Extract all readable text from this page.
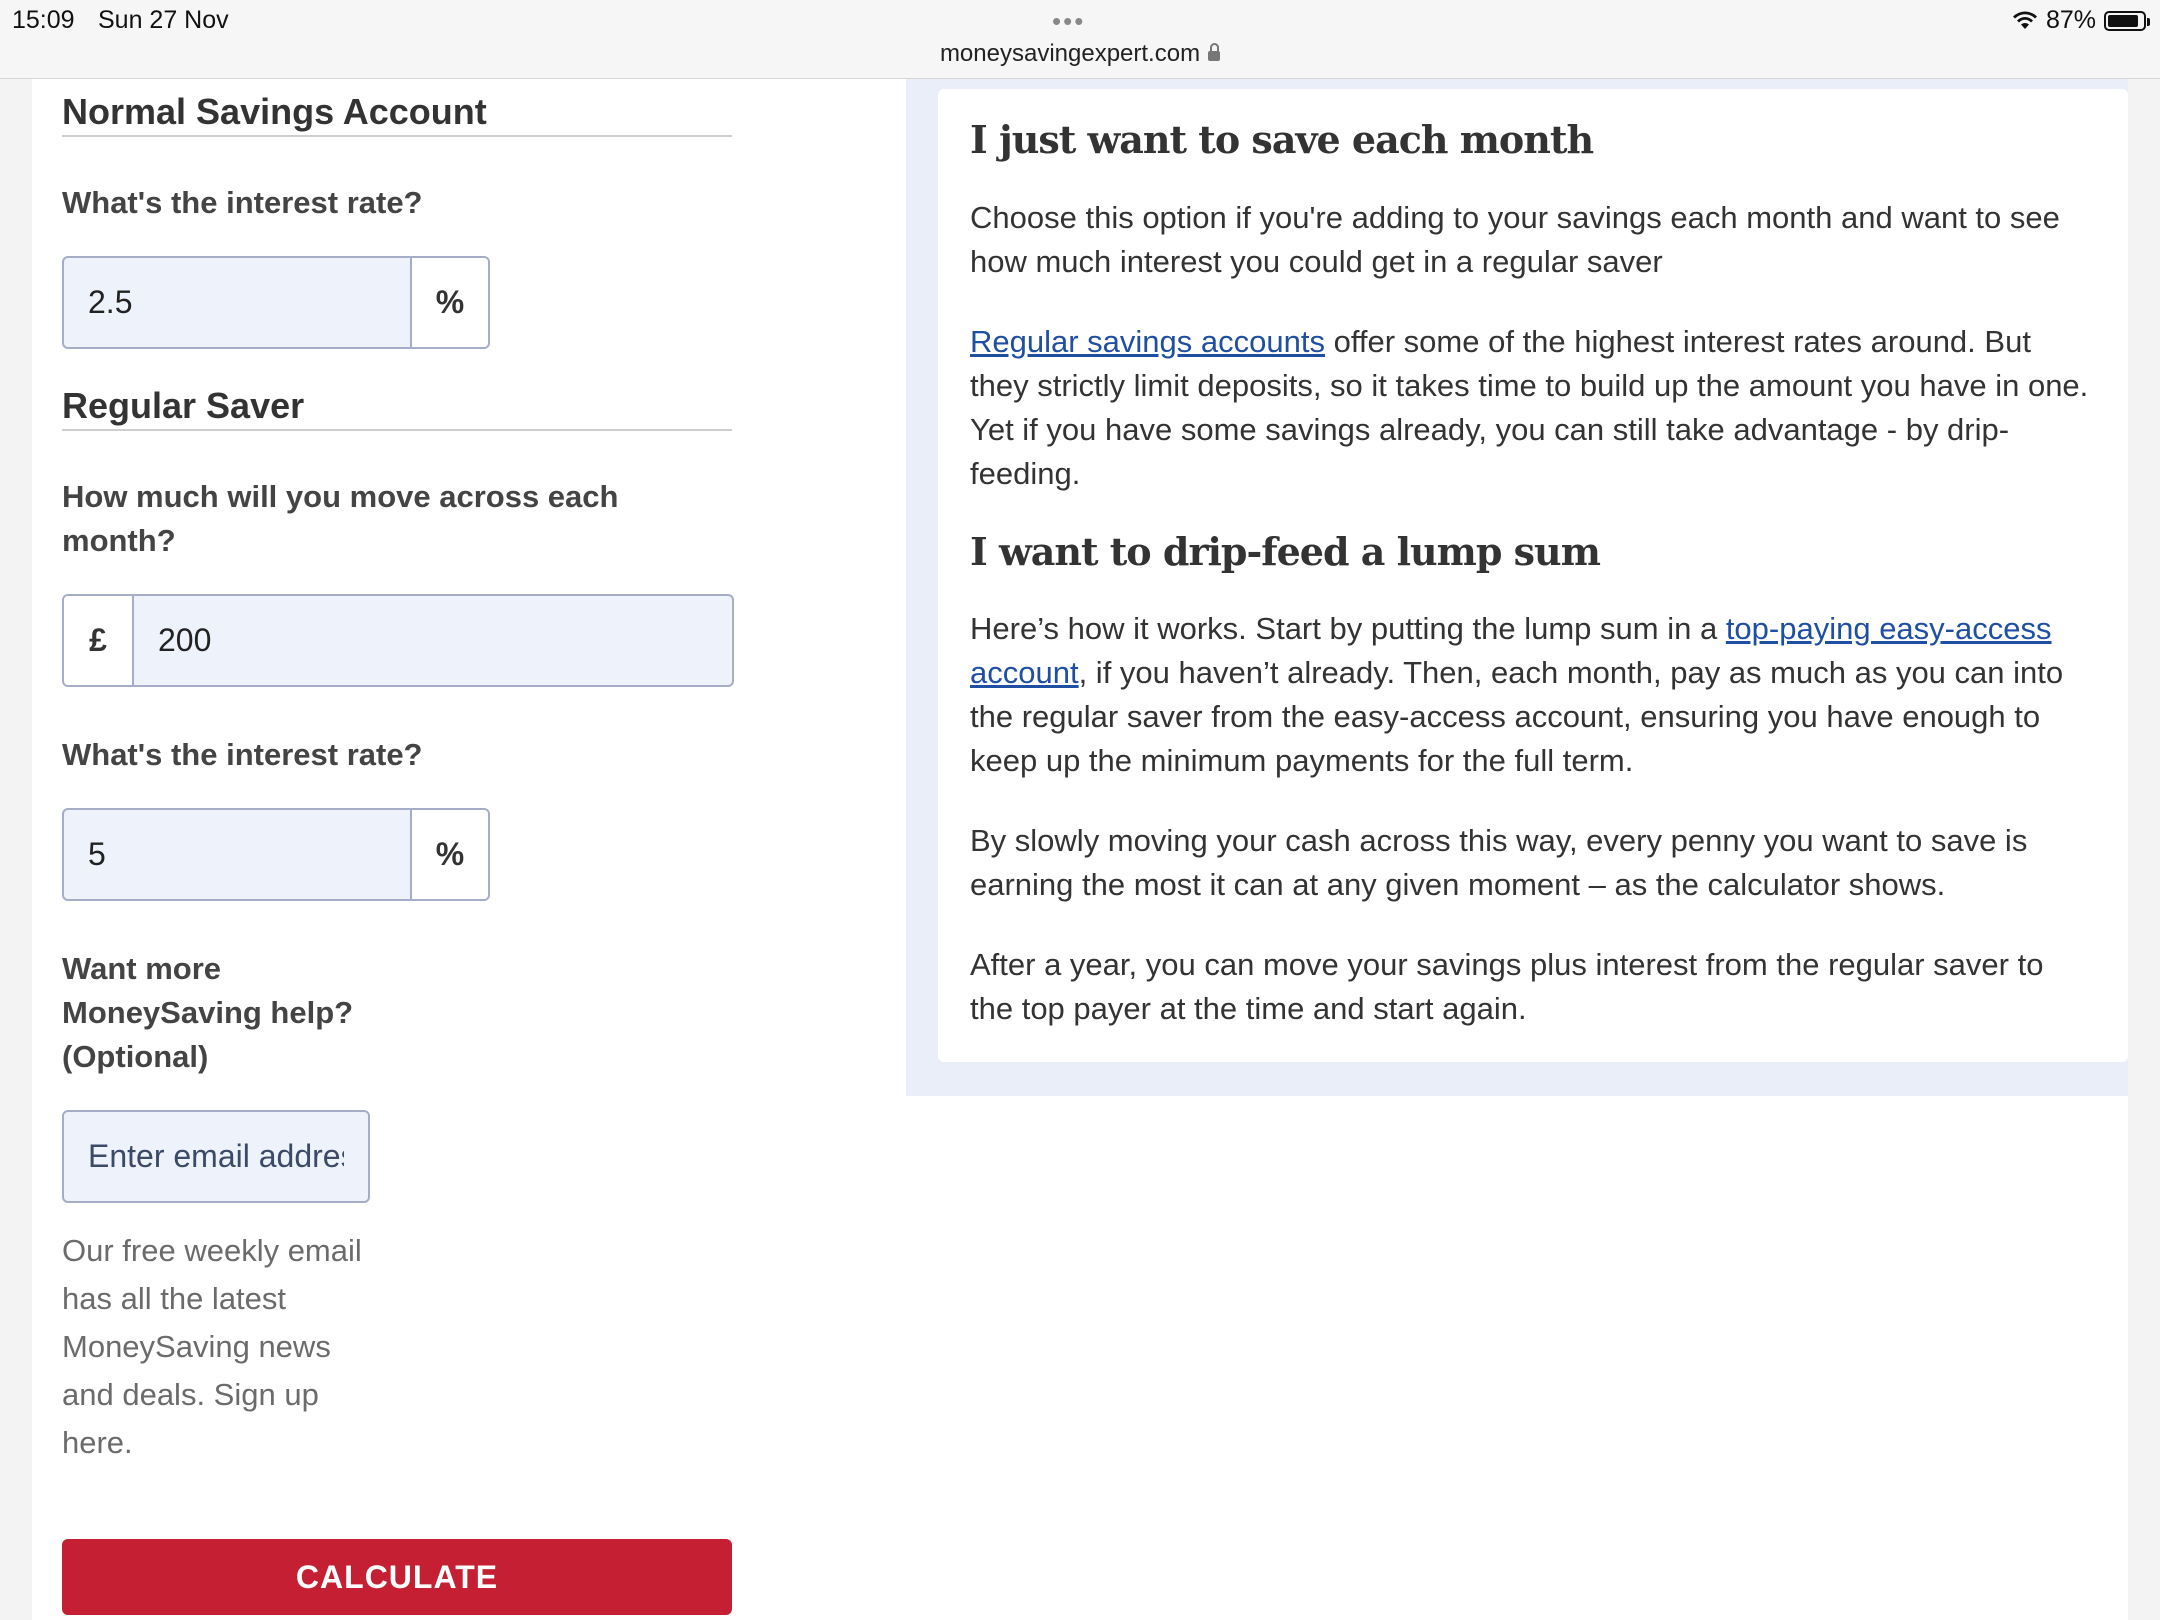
15:09 Sun 27 Nov	•••
moneysavingexpert.com
87%
Normal Savings Account
What's the interest rate?
2.5
%
Regular Saver
How much will you move across each month?
£
200
What's the interest rate?
5
%
Want more MoneySaving help? (Optional)
Enter email address
Our free weekly email has all the latest MoneySaving news and deals. Sign up here.
CALCULATE
I just want to save each month

Choose this option if you're adding to your savings each month and want to see how much interest you could get in a regular saver

Regular savings accounts offer some of the highest interest rates around. But they strictly limit deposits, so it takes time to build up the amount you have in one. Yet if you have some savings already, you can still take advantage - by drip-feeding.

I want to drip-feed a lump sum

Here’s how it works. Start by putting the lump sum in a top-paying easy-access account, if you haven’t already. Then, each month, pay as much as you can into the regular saver from the easy-access account, ensuring you have enough to keep up the minimum payments for the full term.

By slowly moving your cash across this way, every penny you want to save is earning the most it can at any given moment – as the calculator shows.

After a year, you can move your savings plus interest from the regular saver to the top payer at the time and start again.
